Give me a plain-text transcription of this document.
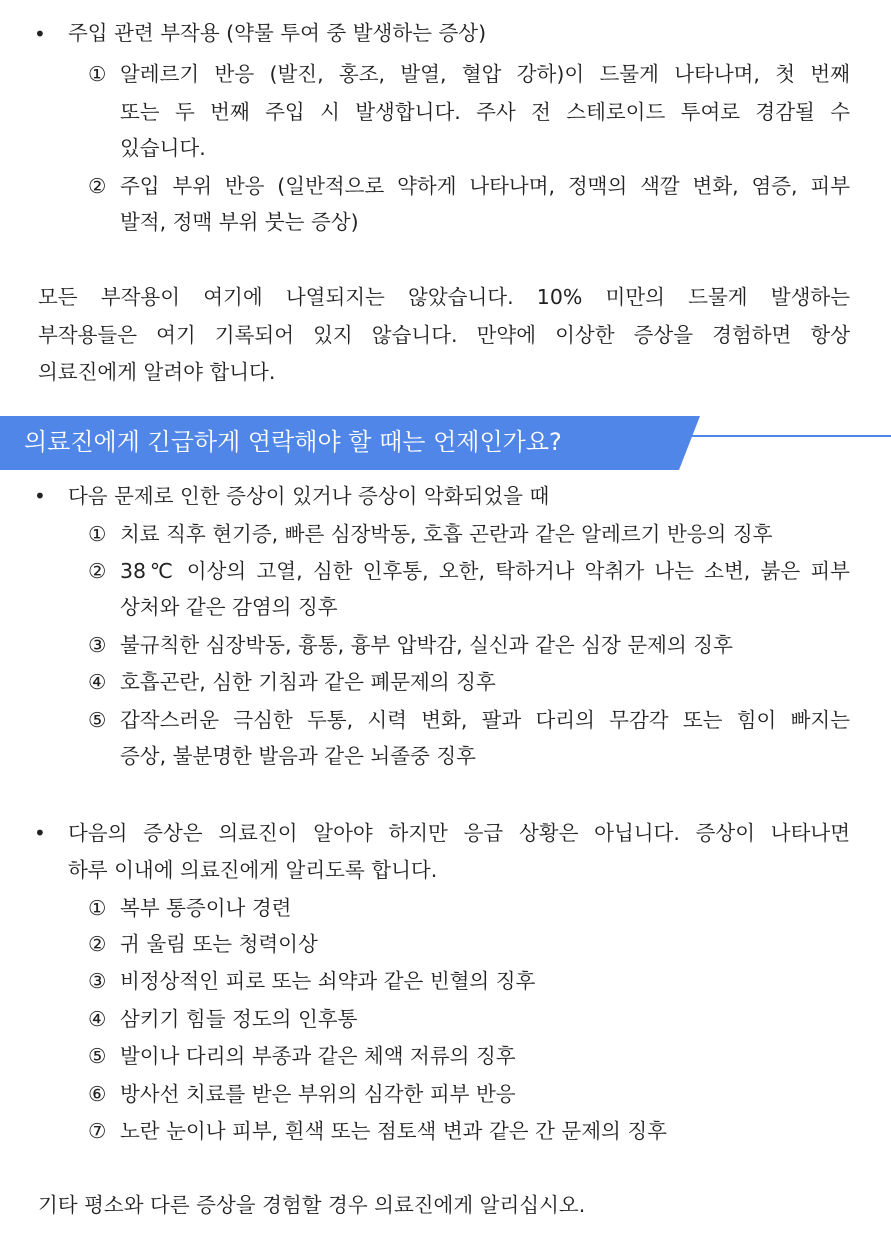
• 주입 관련 부작용 (약물 투여 중 발생하는 증상)
① 알레르기 반응 (발진, 홍조, 발열, 혈압 강하)이 드물게 나타나며, 첫 번째
또는 두 번째 주입 시 발생합니다. 주사 전 스테로이드 투여로 경감될 수
있습니다.
② 주입 부위 반응 (일반적으로 약하게 나타나며, 정맥의 색깔 변화, 염증, 피부
발적, 정맥 부위 붓는 증상)
모든 부작용이 여기에 나열되지는 않았습니다. 10% 미만의 드물게 발생하는
부작용들은 여기 기록되어 있지 않습니다. 만약에 이상한 증상을 경험하면 항상
의료진에게 알려야 합니다.
의료진에게 긴급하게 연락해야 할 때는 언제인가요?
• 다음 문제로 인한 증상이 있거나 증상이 악화되었을 때
① 치료 직후 현기증, 빠른 심장박동, 호흡 곤란과 같은 알레르기 반응의 징후
② 38℃ 이상의 고열, 심한 인후통, 오한, 탁하거나 악취가 나는 소변, 붉은 피부
상처와 같은 감염의 징후
③ 불규칙한 심장박동, 흉통, 흉부 압박감, 실신과 같은 심장 문제의 징후
④ 호흡곤란, 심한 기침과 같은 폐문제의 징후
⑤ 갑작스러운 극심한 두통, 시력 변화, 팔과 다리의 무감각 또는 힘이 빠지는
증상, 불분명한 발음과 같은 뇌졸중 징후
• 다음의 증상은 의료진이 알아야 하지만 응급 상황은 아닙니다. 증상이 나타나면
하루 이내에 의료진에게 알리도록 합니다.
① 복부 통증이나 경련
② 귀 울림 또는 청력이상
③ 비정상적인 피로 또는 쇠약과 같은 빈혈의 징후
④ 삼키기 힘들 정도의 인후통
⑤ 발이나 다리의 부종과 같은 체액 저류의 징후
⑥ 방사선 치료를 받은 부위의 심각한 피부 반응
⑦ 노란 눈이나 피부, 흰색 또는 점토색 변과 같은 간 문제의 징후
기타 평소와 다른 증상을 경험할 경우 의료진에게 알리십시오.
